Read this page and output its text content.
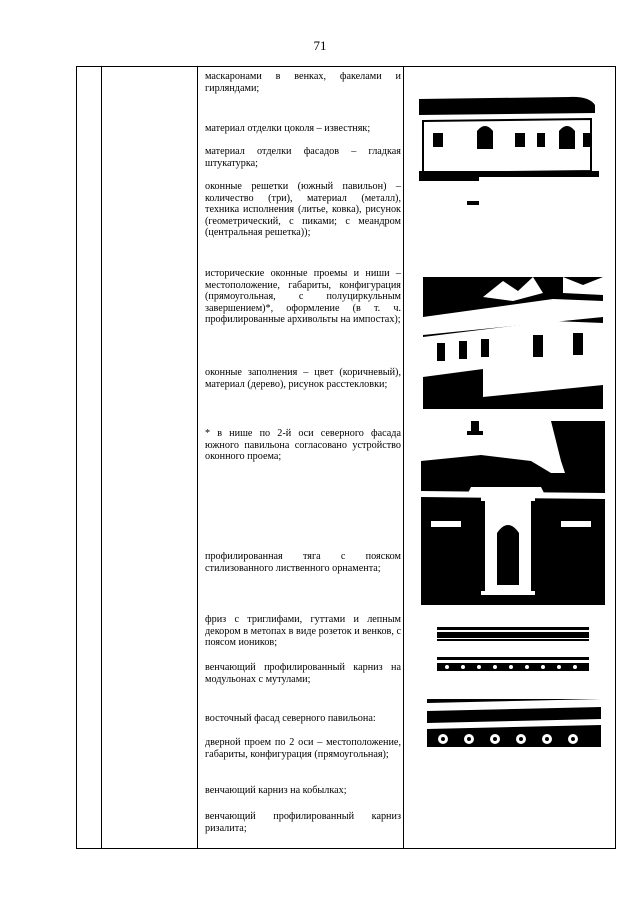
71
маскаронами в венках, факелами и гирляндами;
материал отделки цоколя – известняк;
материал отделки фасадов – гладкая штукатурка;
оконные решетки (южный павильон) – количество (три), материал (металл), техника исполнения (литье, ковка), рисунок (геометрический, с пиками; с меандром (центральная решетка));
исторические оконные проемы и ниши – местоположение, габариты, конфигурация (прямоугольная, с полуциркульным завершением)*, оформление (в т. ч. профилированные архивольты на импостах);
оконные заполнения – цвет (коричневый), материал (дерево), рисунок расстекловки;
* в нише по 2-й оси северного фасада южного павильона согласовано устройство оконного проема;
профилированная тяга с пояском стилизованного лиственного орнамента;
фриз с триглифами, гуттами и лепным декором в метопах в виде розеток и венков, с поясом иоников;
венчающий профилированный карниз на модульонах с мутулами;
восточный фасад северного павильона:
дверной проем по 2 оси – местоположение, габариты, конфигурация (прямоугольная);
венчающий карниз на кобылках;
венчающий профилированный карниз ризалита;
